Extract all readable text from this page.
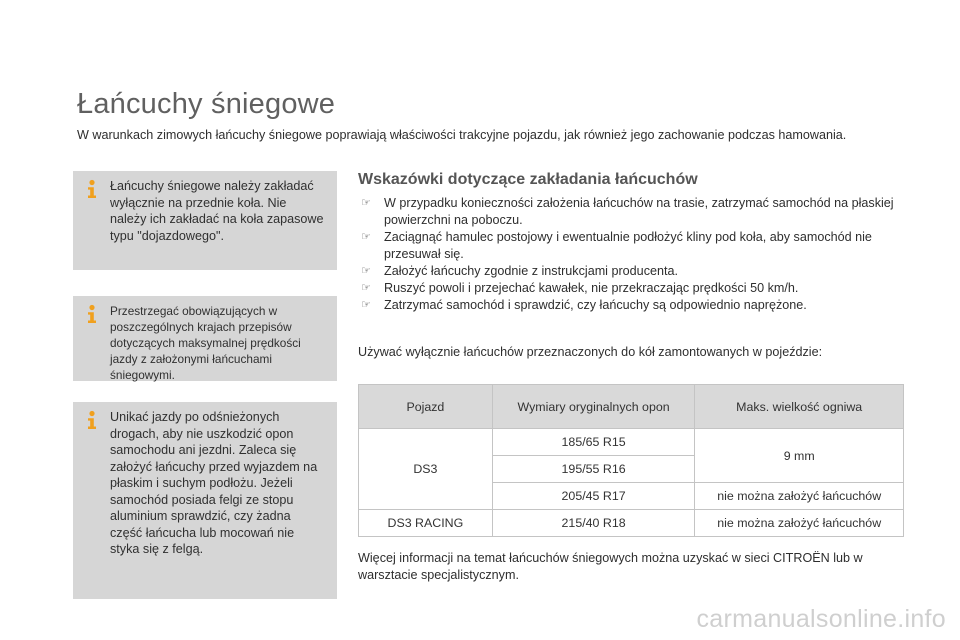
Łańcuchy śniegowe

W warunkach zimowych łańcuchy śniegowe poprawiają właściwości trakcyjne pojazdu, jak również jego zachowanie podczas hamowania.

Łańcuchy śniegowe należy zakładać wyłącznie na przednie koła. Nie należy ich zakładać na koła zapasowe typu "dojazdowego".
Przestrzegać obowiązujących w poszczególnych krajach przepisów dotyczących maksymalnej prędkości jazdy z założonymi łańcuchami śniegowymi.
Unikać jazdy po odśnieżonych drogach, aby nie uszkodzić opon samochodu ani jezdni. Zaleca się założyć łańcuchy przed wyjazdem na płaskim i suchym podłożu. Jeżeli samochód posiada felgi ze stopu aluminium sprawdzić, czy żadna część łańcucha lub mocowań nie styka się z felgą.
Wskazówki dotyczące zakładania łańcuchów
☞ W przypadku konieczności założenia łańcuchów na trasie, zatrzymać samochód na płaskiej powierzchni na poboczu.
☞ Zaciągnąć hamulec postojowy i ewentualnie podłożyć kliny pod koła, aby samochód nie przesuwał się.
☞ Założyć łańcuchy zgodnie z instrukcjami producenta.
☞ Ruszyć powoli i przejechać kawałek, nie przekraczając prędkości 50 km/h.
☞ Zatrzymać samochód i sprawdzić, czy łańcuchy są odpowiednio naprężone.

Używać wyłącznie łańcuchów przeznaczonych do kół zamontowanych w pojeździe:

Pojazd	Wymiary oryginalnych opon	Maks. wielkość ogniwa
DS3	185/65 R15	9 mm
	195/55 R16	
	205/45 R17	nie można założyć łańcuchów
DS3 RACING	215/40 R18	nie można założyć łańcuchów

Więcej informacji na temat łańcuchów śniegowych można uzyskać w sieci CITROËN lub w warsztacie specjalistycznym.

carmanualsonline.info
